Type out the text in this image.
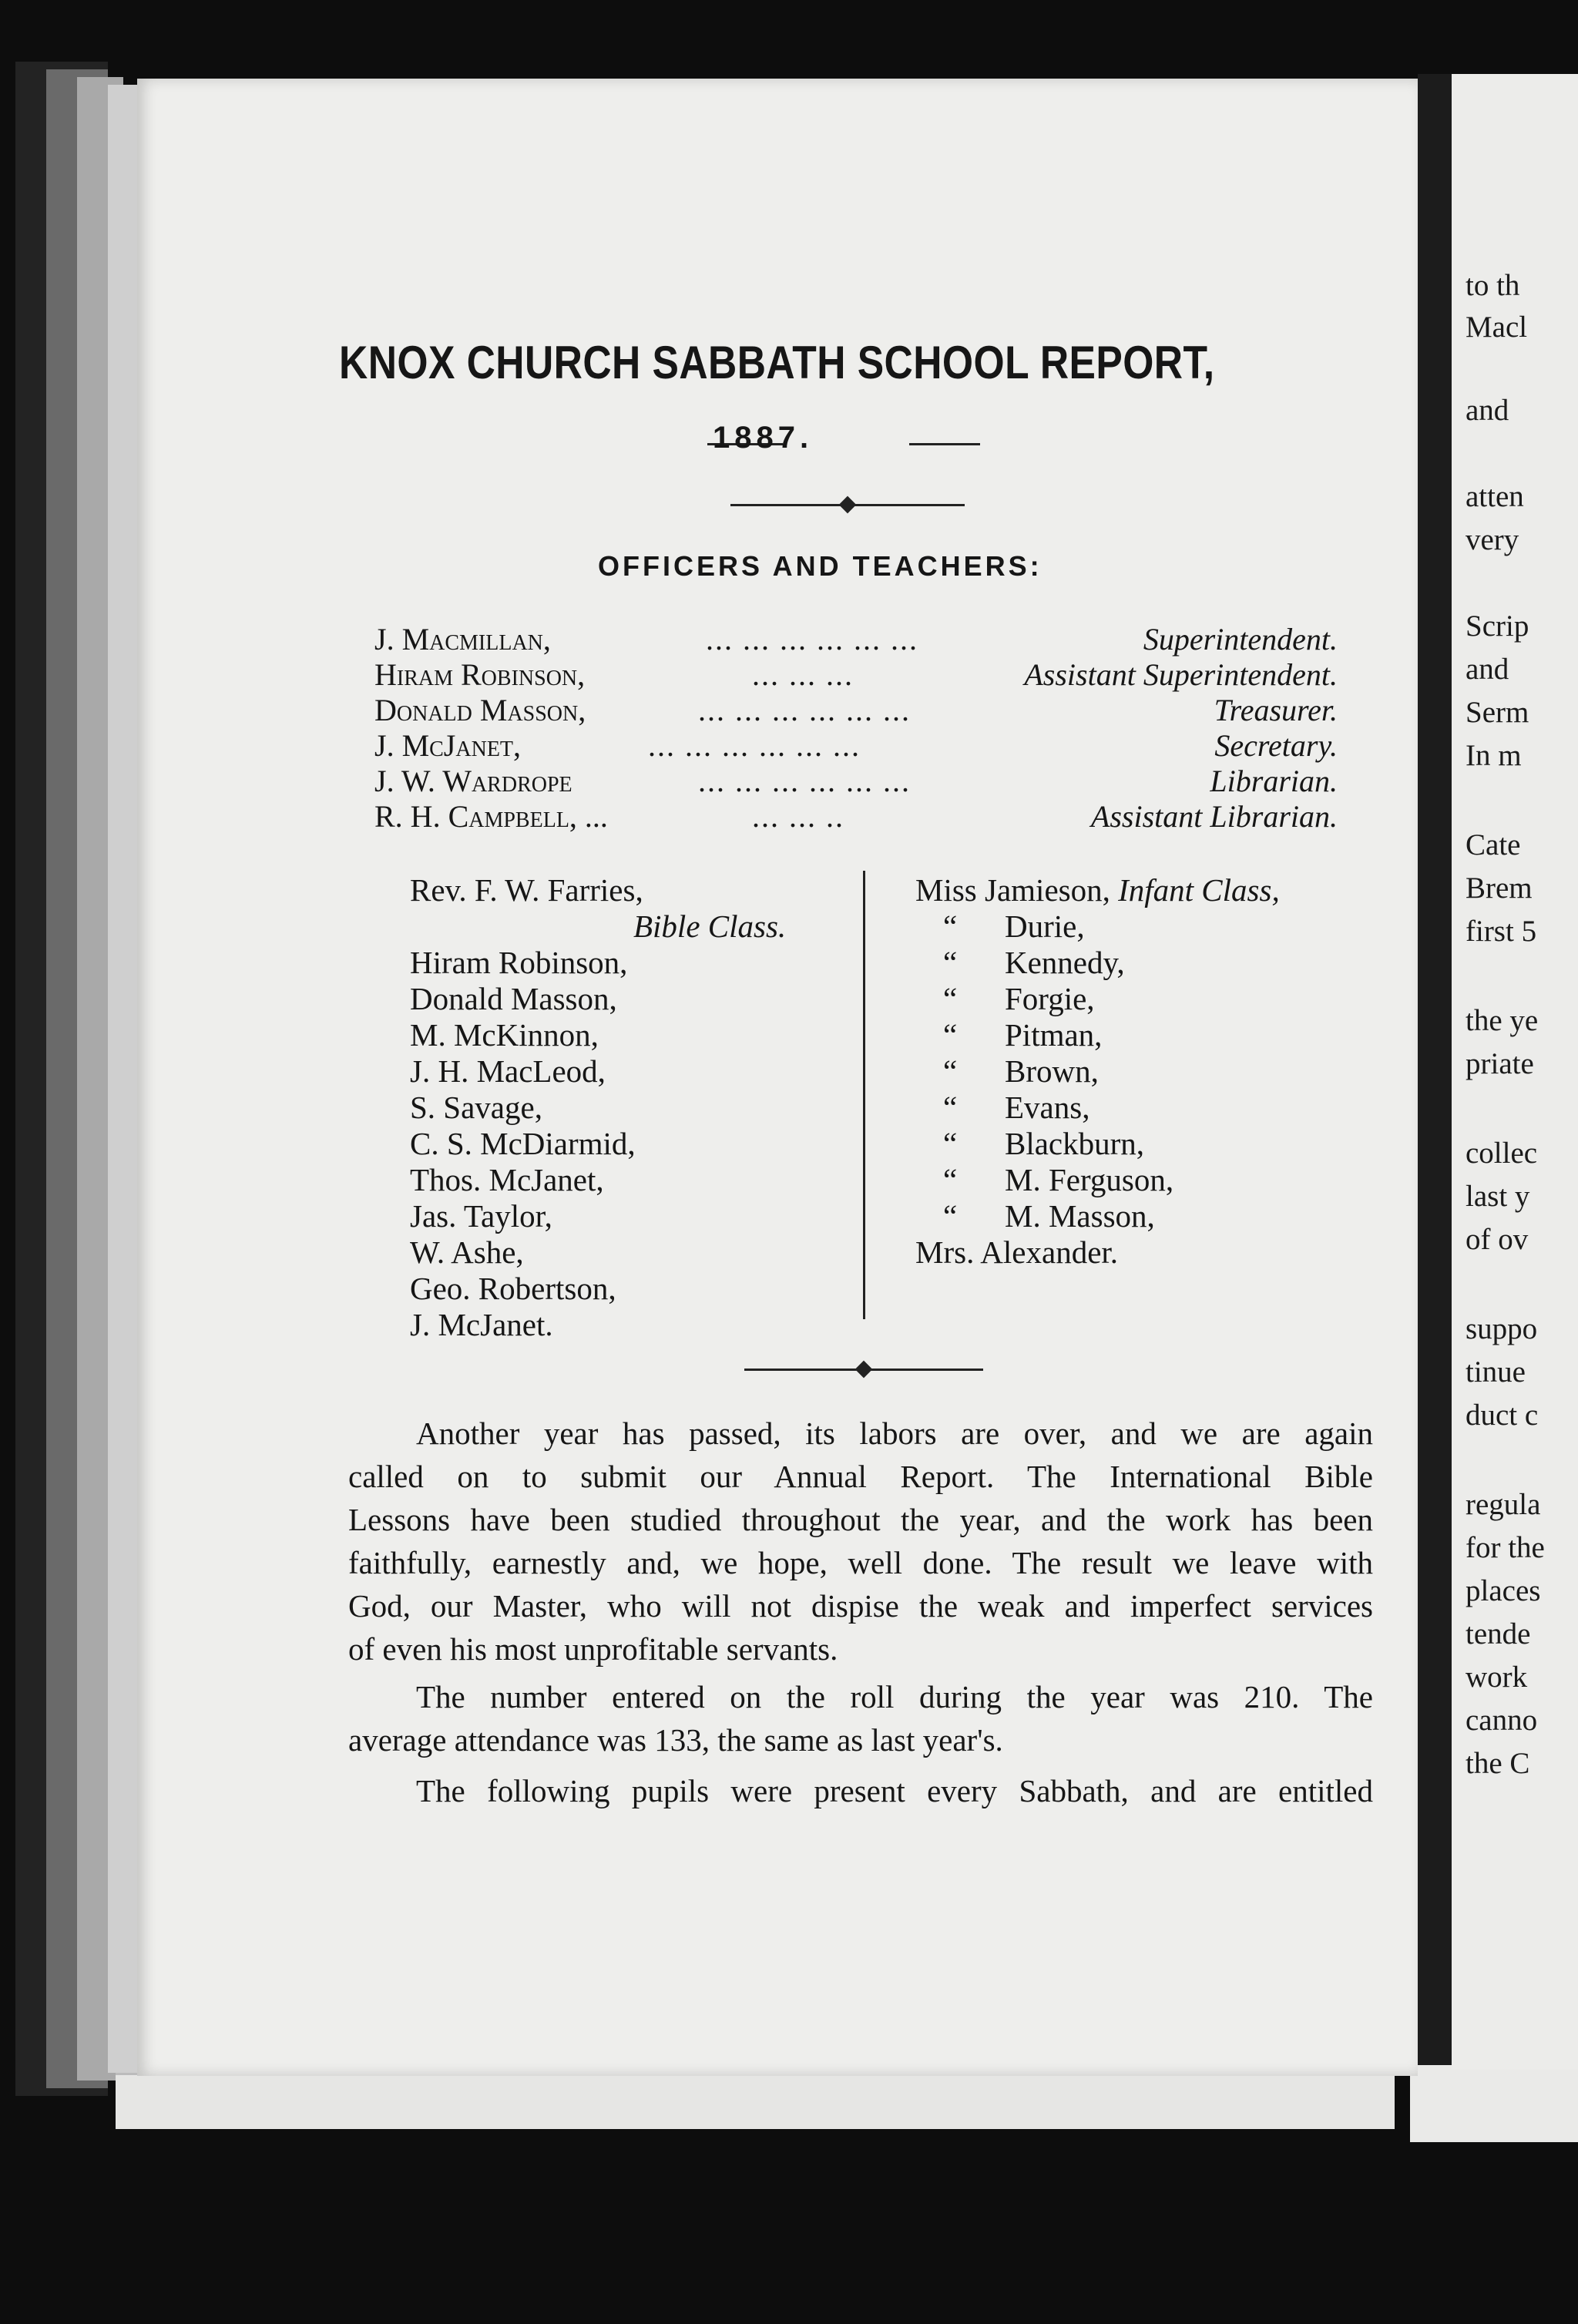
to th
Macl
and
atten
very
Scrip
and
Serm
In m
Cate
Brem
first 5
the ye
priate
collec
last y
of ov
suppo
tinue
duct c
regula
for the
places
tende
work
canno
the C
KNOX CHURCH SABBATH SCHOOL REPORT,
1887.
OFFICERS AND TEACHERS:
J. Macmillan,	... ... ... ... ... ...	Superintendent.
Hiram Robinson,	... ... ...	Assistant Superintendent.
Donald Masson,	... ... ... ... ... ...	Treasurer.
J. McJanet,	... ... ... ... ... ...	Secretary.
J. W. Wardrope	... ... ... ... ... ...	Librarian.
R. H. Campbell, ...	... ... ..	Assistant Librarian.
Rev. F. W. Farries,
Bible Class.
Hiram Robinson,
Donald Masson,
M. McKinnon,
J. H. MacLeod,
S. Savage,
C. S. McDiarmid,
Thos. McJanet,
Jas. Taylor,
W. Ashe,
Geo. Robertson,
J. McJanet.
Miss Jamieson, Infant Class,
“ Durie,
“ Kennedy,
“ Forgie,
“ Pitman,
“ Brown,
“ Evans,
“ Blackburn,
“ M. Ferguson,
“ M. Masson,
Mrs. Alexander.
Another year has passed, its labors are over, and we are again
called on to submit our Annual Report. The International Bible
Lessons have been studied throughout the year, and the work has been
faithfully, earnestly and, we hope, well done. The result we leave with
God, our Master, who will not dispise the weak and imperfect services
of even his most unprofitable servants.
The number entered on the roll during the year was 210. The
average attendance was 133, the same as last year's.
The following pupils were present every Sabbath, and are entitled
